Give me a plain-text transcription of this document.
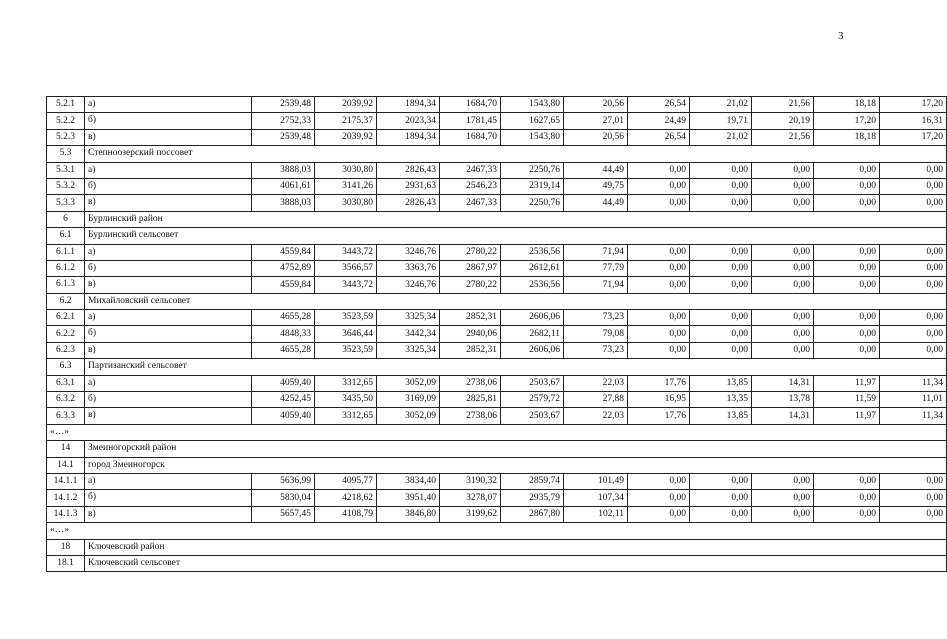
3
5.2.1	а)	2539,48	2039,92	1894,34	1684,70	1543,80	20,56	26,54	21,02	21,56	18,18	17,20
5.2.2	б)	2752,33	2175,37	2023,34	1781,45	1627,65	27,01	24,49	19,71	20,19	17,20	16,31
5.2.3	в)	2539,48	2039,92	1894,34	1684,70	1543,80	20,56	26,54	21,02	21,56	18,18	17,20
5.3	Степноозерский поссовет											
5.3.1	а)	3888,03	3030,80	2826,43	2467,33	2250,76	44,49	0,00	0,00	0,00	0,00	0,00
5.3.2	б)	4061,61	3141,26	2931,63	2546,23	2319,14	49,75	0,00	0,00	0,00	0,00	0,00
5.3.3	в)	3888,03	3030,80	2826,43	2467,33	2250,76	44,49	0,00	0,00	0,00	0,00	0,00
6	Бурлинский район											
6.1	Бурлинский сельсовет											
6.1.1	а)	4559,84	3443,72	3246,76	2780,22	2536,56	71,94	0,00	0,00	0,00	0,00	0,00
6.1.2	б)	4752,89	3566,57	3363,76	2867,97	2612,61	77,79	0,00	0,00	0,00	0,00	0,00
6.1.3	в)	4559,84	3443,72	3246,76	2780,22	2536,56	71,94	0,00	0,00	0,00	0,00	0,00
6.2	Михайловский сельсовет											
6.2.1	а)	4655,28	3523,59	3325,34	2852,31	2606,06	73,23	0,00	0,00	0,00	0,00	0,00
6.2.2	б)	4848,33	3646,44	3442,34	2940,06	2682,11	79,08	0,00	0,00	0,00	0,00	0,00
6.2.3	в)	4655,28	3523,59	3325,34	2852,31	2606,06	73,23	0,00	0,00	0,00	0,00	0,00
6.3	Партизанский сельсовет											
6.3.1	а)	4059,40	3312,65	3052,09	2738,06	2503,67	22,03	17,76	13,85	14,31	11,97	11,34
6.3.2	б)	4252,45	3435,50	3169,09	2825,81	2579,72	27,88	16,95	13,35	13,78	11,59	11,01
6.3.3	в)	4059,40	3312,65	3052,09	2738,06	2503,67	22,03	17,76	13,85	14,31	11,97	11,34
«…»												
14	Змеиногорский район											
14.1	город Змеиногорск											
14.1.1	а)	5636,99	4095,77	3834,40	3190,32	2859,74	101,49	0,00	0,00	0,00	0,00	0,00
14.1.2	б)	5830,04	4218,62	3951,40	3278,07	2935,79	107,34	0,00	0,00	0,00	0,00	0,00
14.1.3	в)	5657,45	4108,79	3846,80	3199,62	2867,80	102,11	0,00	0,00	0,00	0,00	0,00
«…»												
18	Ключевский район											
18.1	Ключевский сельсовет											
